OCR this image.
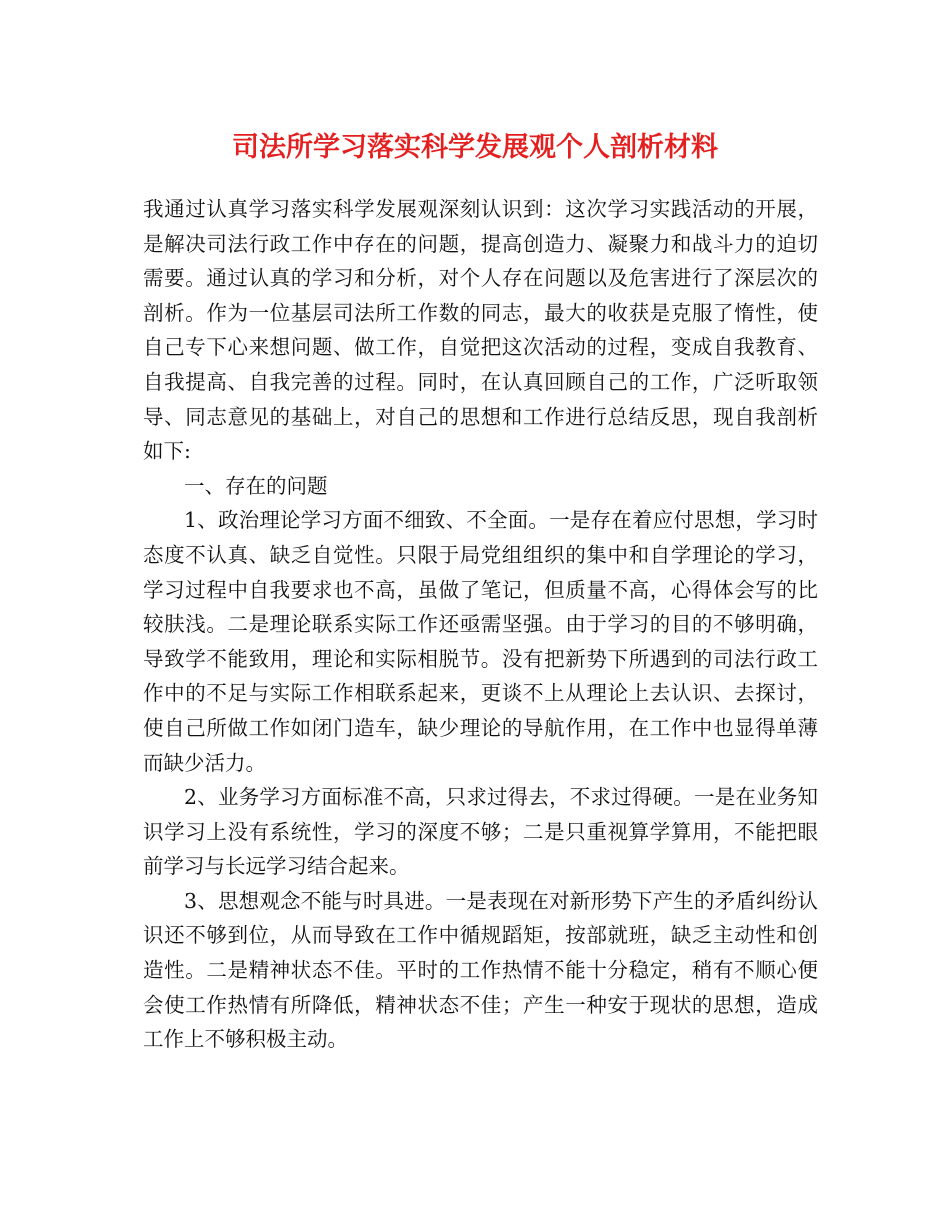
司法所学习落实科学发展观个人剖析材料

我通过认真学习落实科学发展观深刻认识到：这次学习实践活动的开展，是解决司法行政工作中存在的问题，提高创造力、凝聚力和战斗力的迫切需要。通过认真的学习和分析，对个人存在问题以及危害进行了深层次的剖析。作为一位基层司法所工作数的同志，最大的收获是克服了惰性，使自己专下心来想问题、做工作，自觉把这次活动的过程，变成自我教育、自我提高、自我完善的过程。同时，在认真回顾自己的工作，广泛听取领导、同志意见的基础上，对自己的思想和工作进行总结反思，现自我剖析如下:

一、存在的问题

1、政治理论学习方面不细致、不全面。一是存在着应付思想，学习时态度不认真、缺乏自觉性。只限于局党组组织的集中和自学理论的学习，学习过程中自我要求也不高，虽做了笔记，但质量不高，心得体会写的比较肤浅。二是理论联系实际工作还亟需坚强。由于学习的目的不够明确，导致学不能致用，理论和实际相脱节。没有把新势下所遇到的司法行政工作中的不足与实际工作相联系起来，更谈不上从理论上去认识、去探讨，使自己所做工作如闭门造车，缺少理论的导航作用，在工作中也显得单薄而缺少活力。

2、业务学习方面标准不高，只求过得去，不求过得硬。一是在业务知识学习上没有系统性，学习的深度不够；二是只重视算学算用，不能把眼前学习与长远学习结合起来。

3、思想观念不能与时具进。一是表现在对新形势下产生的矛盾纠纷认识还不够到位，从而导致在工作中循规蹈矩，按部就班，缺乏主动性和创造性。二是精神状态不佳。平时的工作热情不能十分稳定，稍有不顺心便会使工作热情有所降低，精神状态不佳；产生一种安于现状的思想，造成工作上不够积极主动。
